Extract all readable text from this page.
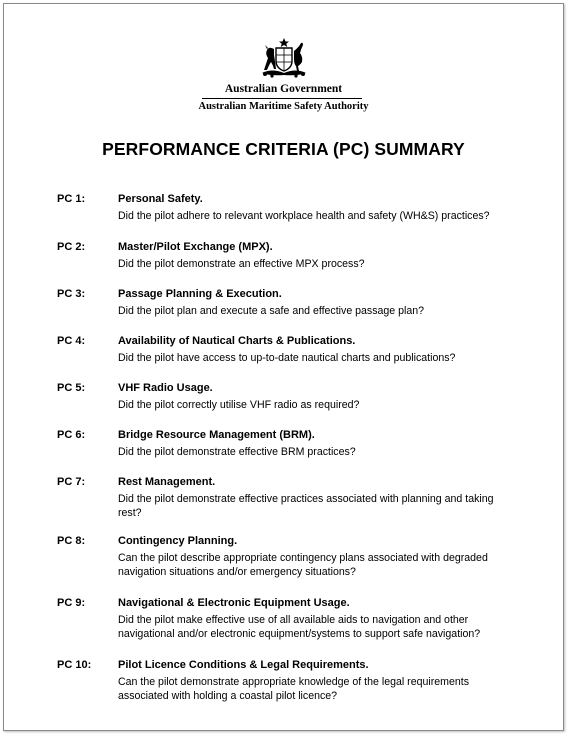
Australian Government
Australian Maritime Safety Authority
PERFORMANCE CRITERIA (PC) SUMMARY
PC 1:	Personal Safety.
Did the pilot adhere to relevant workplace health and safety (WH&S) practices?
PC 2:	Master/Pilot Exchange (MPX).
Did the pilot demonstrate an effective MPX process?
PC 3:	Passage Planning & Execution.
Did the pilot plan and execute a safe and effective passage plan?
PC 4:	Availability of Nautical Charts & Publications.
Did the pilot have access to up-to-date nautical charts and publications?
PC 5:	VHF Radio Usage.
Did the pilot correctly utilise VHF radio as required?
PC 6:	Bridge Resource Management (BRM).
Did the pilot demonstrate effective BRM practices?
PC 7:	Rest Management.
Did the pilot demonstrate effective practices associated with planning and taking rest?
PC 8:	Contingency Planning.
Can the pilot describe appropriate contingency plans associated with degraded navigation situations and/or emergency situations?
PC 9:	Navigational & Electronic Equipment Usage.
Did the pilot make effective use of all available aids to navigation and other navigational and/or electronic equipment/systems to support safe navigation?
PC 10: Pilot Licence Conditions & Legal Requirements.
Can the pilot demonstrate appropriate knowledge of the legal requirements associated with holding a coastal pilot licence?
